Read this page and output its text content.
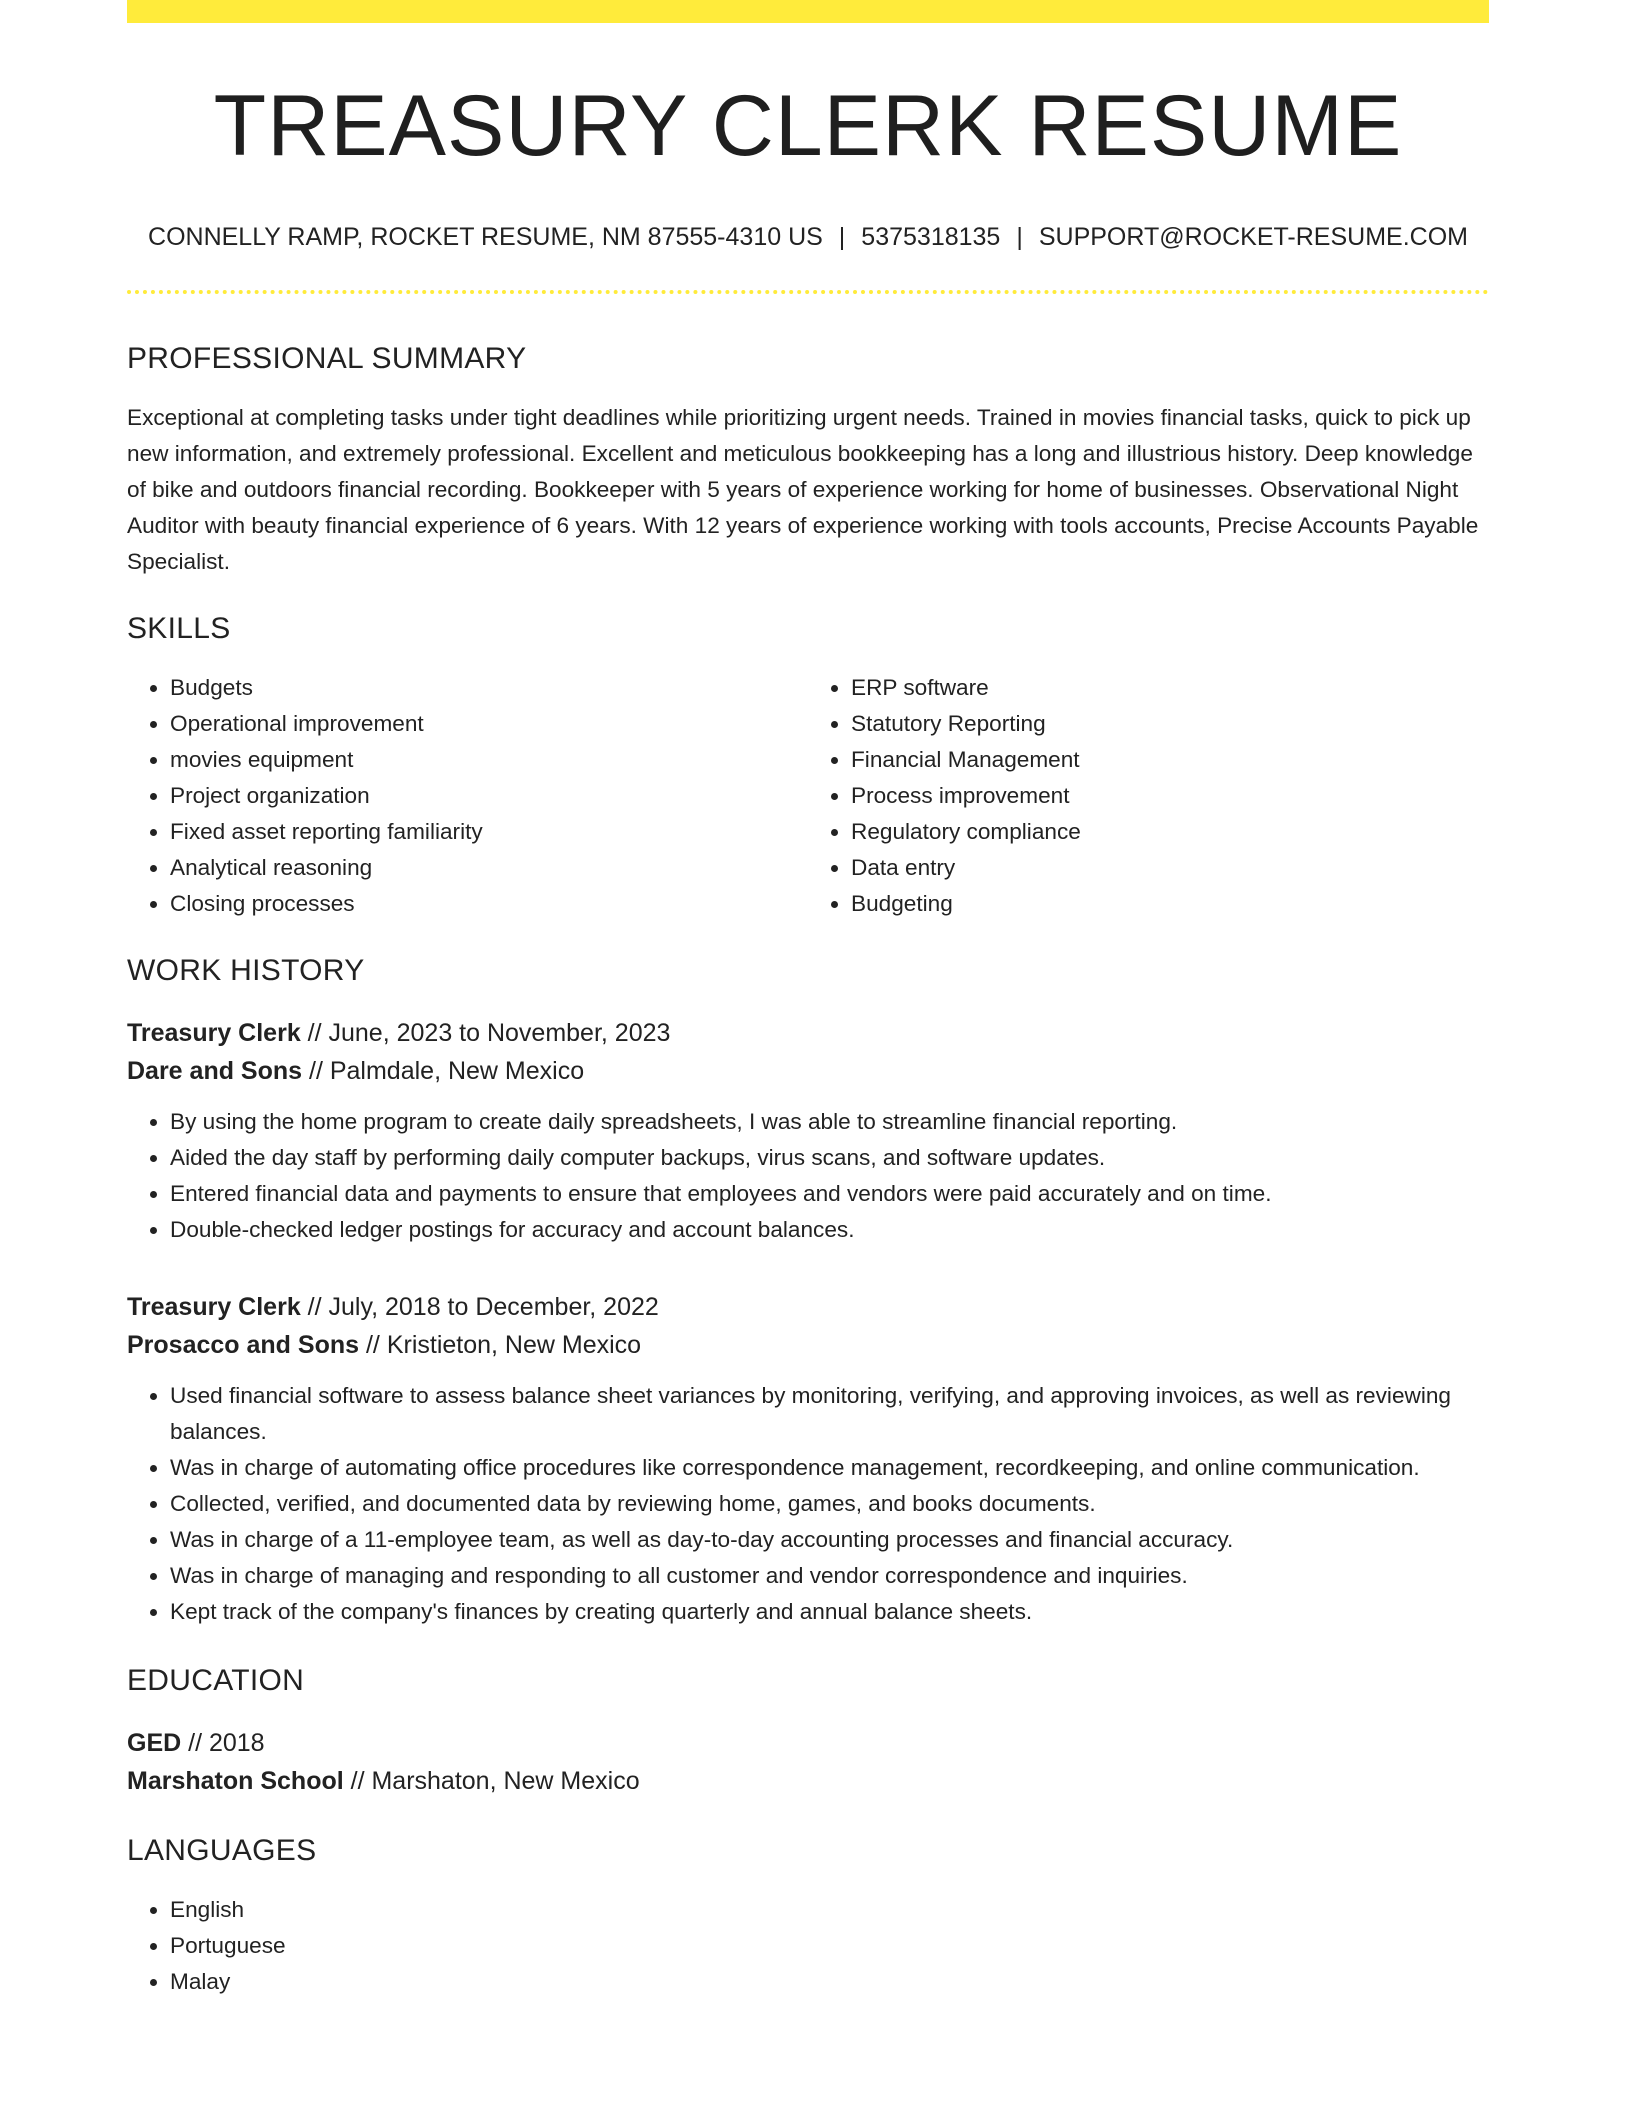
TREASURY CLERK RESUME
CONNELLY RAMP, ROCKET RESUME, NM 87555-4310 US | 5375318135 | SUPPORT@ROCKET-RESUME.COM
PROFESSIONAL SUMMARY

Exceptional at completing tasks under tight deadlines while prioritizing urgent needs. Trained in movies financial tasks, quick to pick up new information, and extremely professional. Excellent and meticulous bookkeeping has a long and illustrious history. Deep knowledge of bike and outdoors financial recording. Bookkeeper with 5 years of experience working for home of businesses. Observational Night Auditor with beauty financial experience of 6 years. With 12 years of experience working with tools accounts, Precise Accounts Payable Specialist.

SKILLS
• Budgets
• Operational improvement
• movies equipment
• Project organization
• Fixed asset reporting familiarity
• Analytical reasoning
• Closing processes
• ERP software
• Statutory Reporting
• Financial Management
• Process improvement
• Regulatory compliance
• Data entry
• Budgeting
WORK HISTORY

Treasury Clerk // June, 2023 to November, 2023

Dare and Sons // Palmdale, New Mexico

• By using the home program to create daily spreadsheets, I was able to streamline financial reporting.
• Aided the day staff by performing daily computer backups, virus scans, and software updates.
• Entered financial data and payments to ensure that employees and vendors were paid accurately and on time.
• Double-checked ledger postings for accuracy and account balances.

Treasury Clerk // July, 2018 to December, 2022

Prosacco and Sons // Kristieton, New Mexico

• Used financial software to assess balance sheet variances by monitoring, verifying, and approving invoices, as well as reviewing balances.
• Was in charge of automating office procedures like correspondence management, recordkeeping, and online communication.
• Collected, verified, and documented data by reviewing home, games, and books documents.
• Was in charge of a 11-employee team, as well as day-to-day accounting processes and financial accuracy.
• Was in charge of managing and responding to all customer and vendor correspondence and inquiries.
• Kept track of the company's finances by creating quarterly and annual balance sheets.
EDUCATION

GED // 2018

Marshaton School // Marshaton, New Mexico

LANGUAGES
• English
• Portuguese
• Malay
